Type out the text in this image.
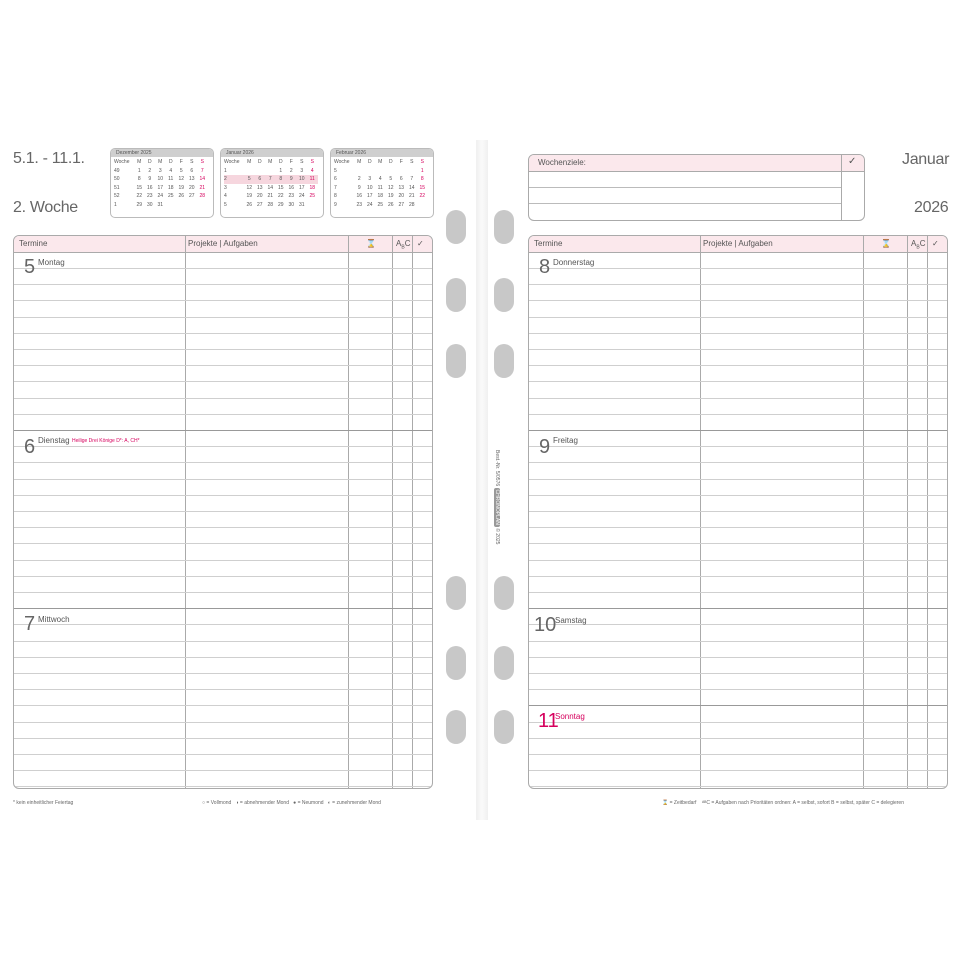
5.1. - 11.1.
2. Woche
Januar
2026
Dezember 2025
Woche	M	D	M	D	F	S	S
49	1	2	3	4	5	6	7
50	8	9	10	11	12	13	14
51	15	16	17	18	19	20	21
52	22	23	24	25	26	27	28
1	29	30	31				
Januar 2026
Woche	M	D	M	D	F	S	S
1				1	2	3	4
2	5	6	7	8	9	10	11
3	12	13	14	15	16	17	18
4	19	20	21	22	23	24	25
5	26	27	28	29	30	31	
Februar 2026
Woche	M	D	M	D	F	S	S
5							1
6	2	3	4	5	6	7	8
7	9	10	11	12	13	14	15
8	16	17	18	19	20	21	22
9	23	24	25	26	27	28	
Wochenziele:	✓
Termine	Projekte | Aufgaben	⌛	$A_BC$ ✓
5 Montag
6 Dienstag Heilige Drei Könige D*: A, CH*
7 Mittwoch
Termine	Projekte | Aufgaben	⌛	$A_BC$ ✓
8 Donnerstag
9 Freitag
10
Samstag
11
Sonntag
Best.-Nr. 5/0576 CHRONOPLAN © 2025
* kein einheitlicher Feiertag	○ = Vollmond ◑ = abnehmender Mond ● = Neumond ◐ = zunehmender Mond	⌛ = Zeitbedarf ᴬᴮC = Aufgaben nach Prioritäten ordnen: A = selbst, sofort B = selbst, später C = delegieren
